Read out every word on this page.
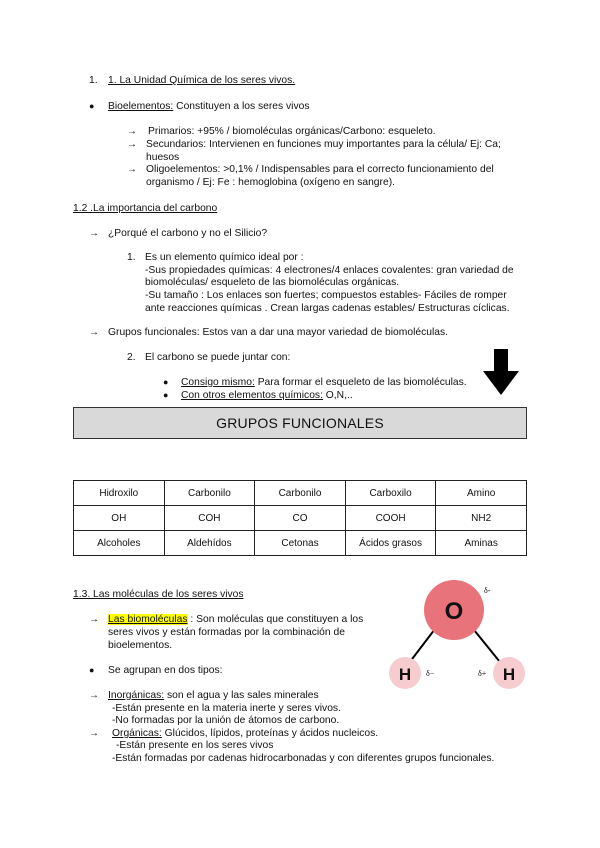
1. 1. La Unidad Química de los seres vivos.
● Bioelementos: Constituyen a los seres vivos
→ Primarios: +95% / biomoléculas orgánicas/Carbono: esqueleto.
→ Secundarios: Intervienen en funciones muy importantes para la célula/ Ej: Ca;
huesos
→ Oligoelementos: >0,1% / Indispensables para el correcto funcionamiento del
organismo / Ej: Fe : hemoglobina (oxígeno en sangre).
1.2 .La importancia del carbono
→ ¿Porqué el carbono y no el Silicio?
1. Es un elemento químico ideal por :
-Sus propiedades químicas: 4 electrones/4 enlaces covalentes: gran variedad de
biomoléculas/ esqueleto de las biomoléculas orgánicas.
-Su tamaño : Los enlaces son fuertes; compuestos estables- Fáciles de romper
ante reacciones químicas . Crean largas cadenas estables/ Estructuras cíclicas.
→ Grupos funcionales: Estos van a dar una mayor variedad de biomoléculas.
2. El carbono se puede juntar con:
● Consigo mismo: Para formar el esqueleto de las biomoléculas.
● Con otros elementos químicos: O,N,..
GRUPOS FUNCIONALES
Hidroxilo	Carbonilo	Carbonilo	Carboxilo	Amino
OH	COH	CO	COOH	NH2
Alcoholes	Aldehídos	Cetonas	Ácidos grasos	Aminas
1.3. Las moléculas de los seres vivos
→ Las biomoléculas : Son moléculas que constituyen a los
seres vivos y están formadas por la combinación de
bioelementos.
● Se agrupan en dos tipos:
→ Inorgánicas: son el agua y las sales minerales
-Están presente en la materia inerte y seres vivos.
-No formadas por la unión de átomos de carbono.
→ Orgánicas: Glúcidos, lípidos, proteínas y ácidos nucleicos.
-Están presente en los seres vivos
-Están formadas por cadenas hidrocarbonadas y con diferentes grupos funcionales.
O
H	H
δ-
δ−	δ+
